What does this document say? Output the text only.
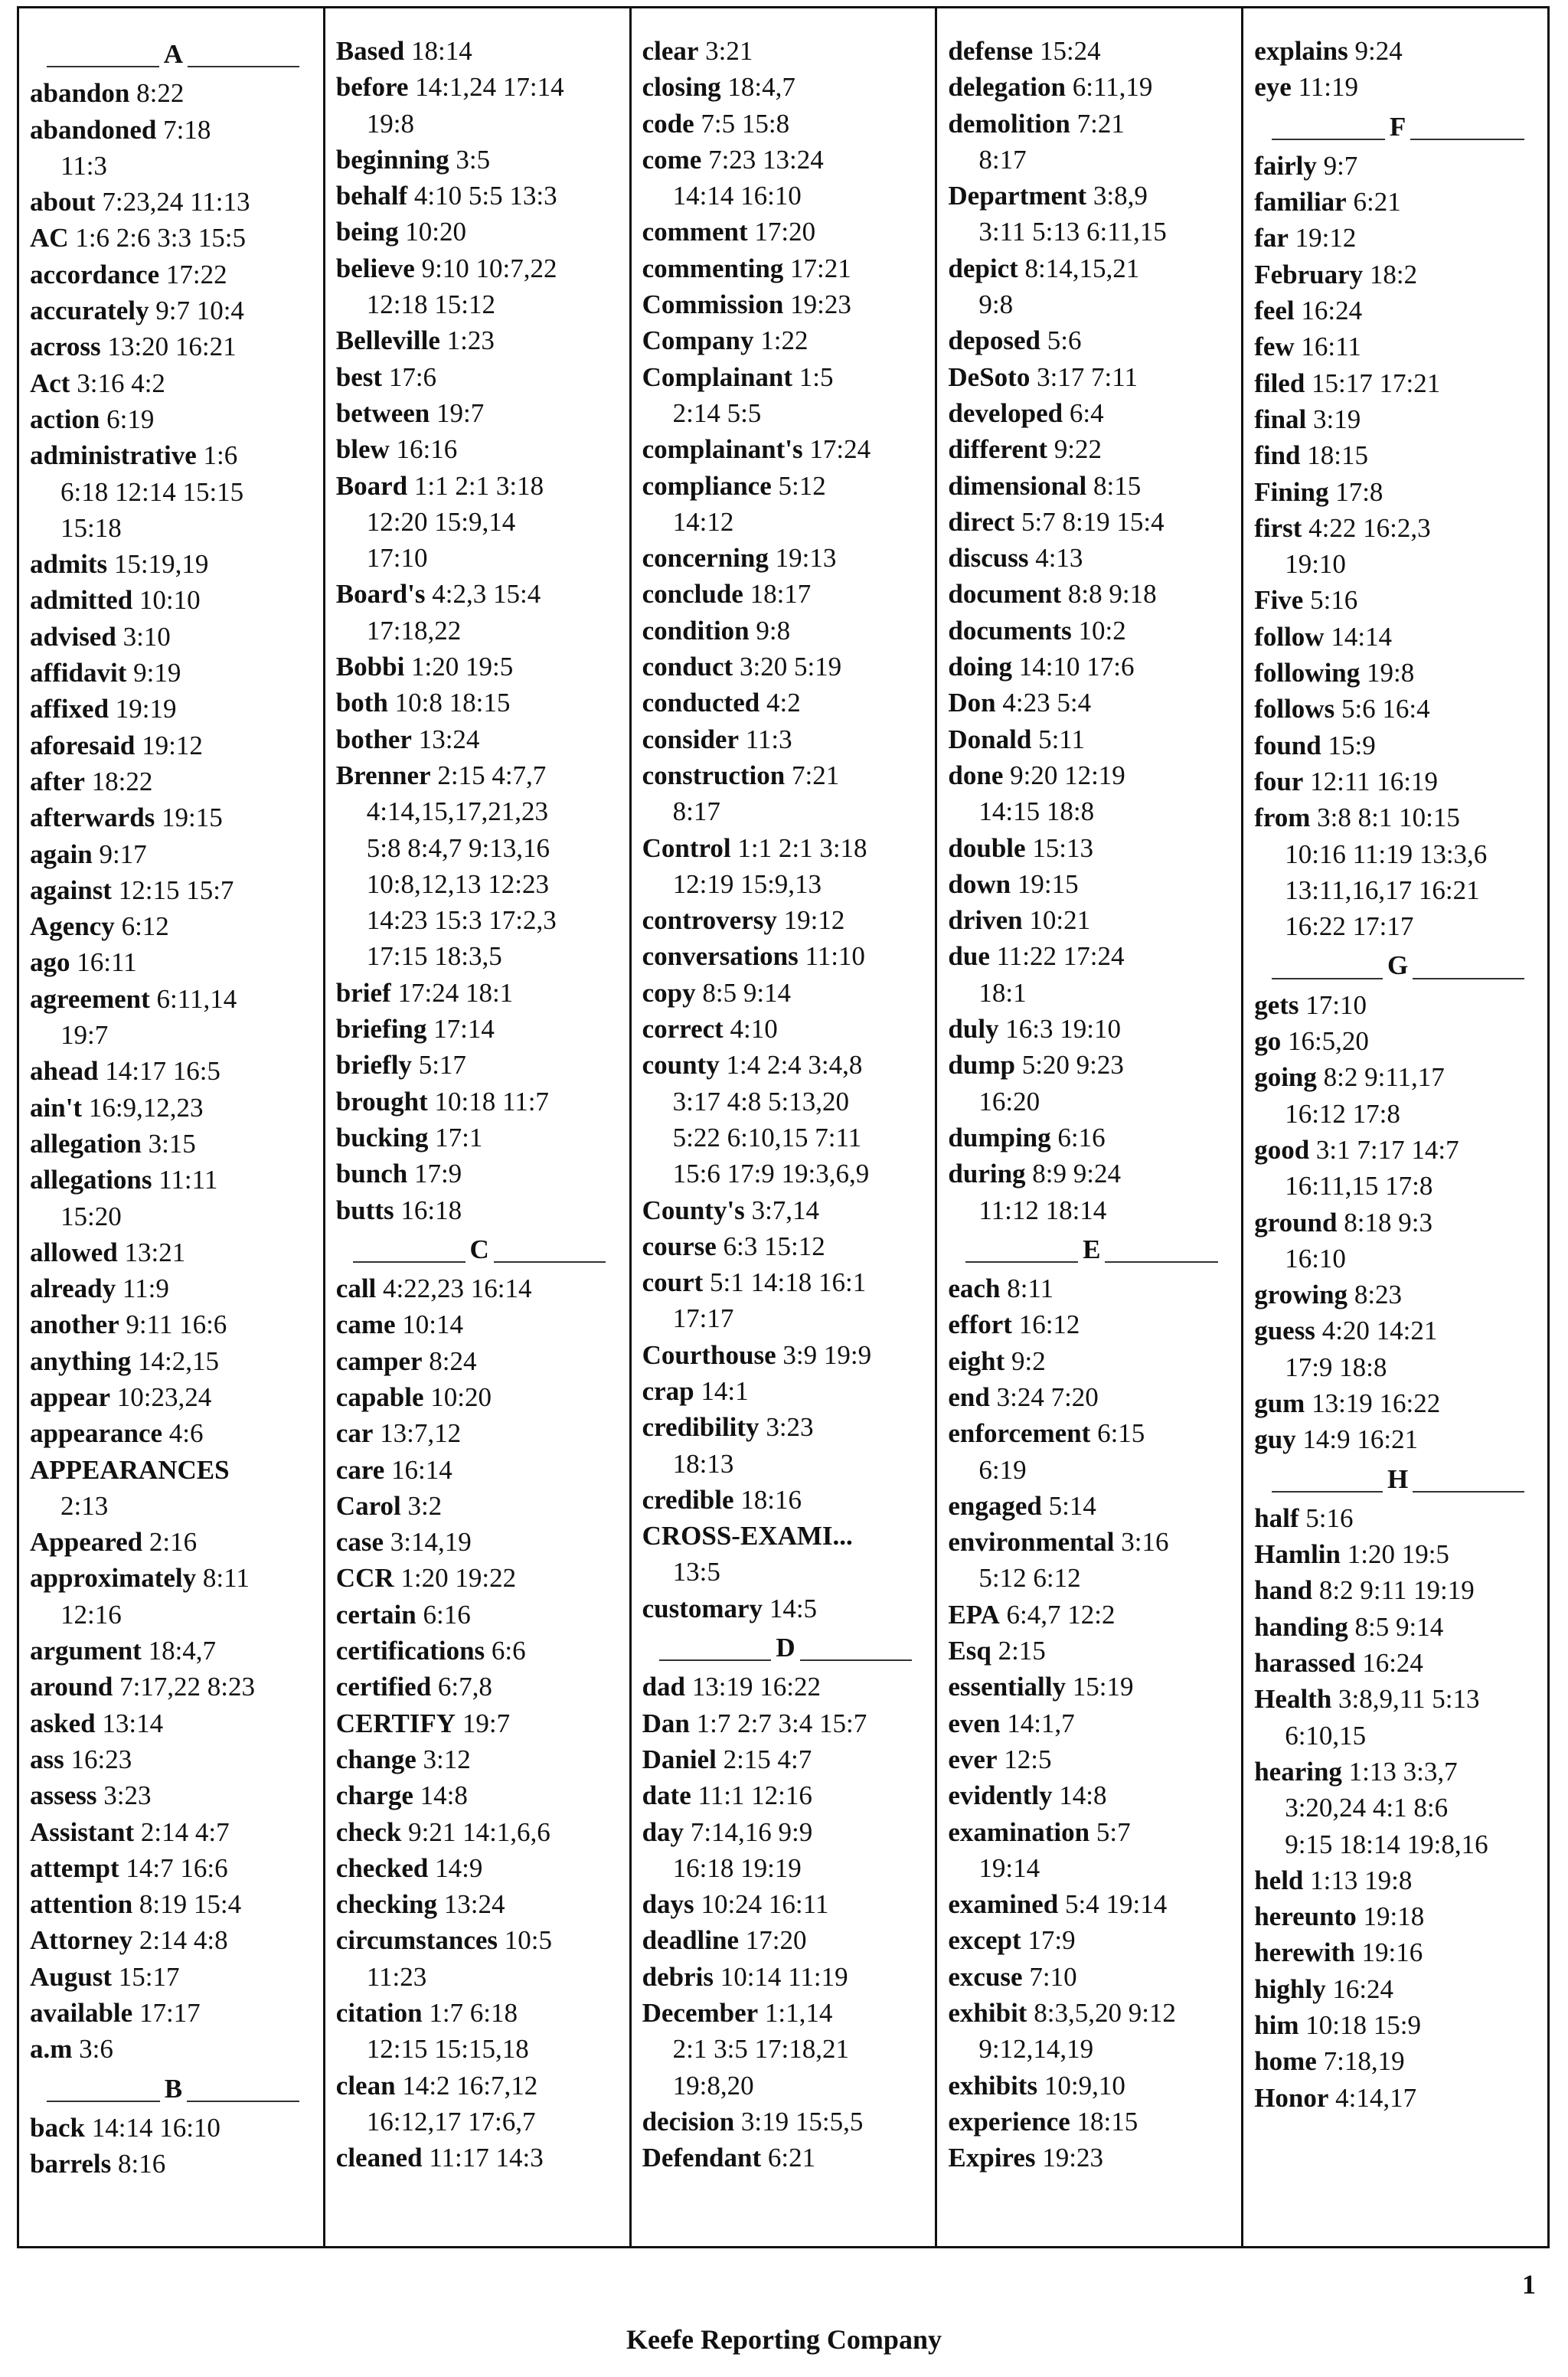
A
abandon 8:22
abandoned 7:18
11:3
about 7:23,24 11:13
AC 1:6 2:6 3:3 15:5
accordance 17:22
accurately 9:7 10:4
across 13:20 16:21
Act 3:16 4:2
action 6:19
administrative 1:6
6:18 12:14 15:15
15:18
admits 15:19,19
admitted 10:10
advised 3:10
affidavit 9:19
affixed 19:19
aforesaid 19:12
after 18:22
afterwards 19:15
again 9:17
against 12:15 15:7
Agency 6:12
ago 16:11
agreement 6:11,14
19:7
ahead 14:17 16:5
ain't 16:9,12,23
allegation 3:15
allegations 11:11
15:20
allowed 13:21
already 11:9
another 9:11 16:6
anything 14:2,15
appear 10:23,24
appearance 4:6
APPEARANCES
2:13
Appeared 2:16
approximately 8:11
12:16
argument 18:4,7
around 7:17,22 8:23
asked 13:14
ass 16:23
assess 3:23
Assistant 2:14 4:7
attempt 14:7 16:6
attention 8:19 15:4
Attorney 2:14 4:8
August 15:17
available 17:17
a.m 3:6
B
back 14:14 16:10
barrels 8:16
Based 18:14
before 14:1,24 17:14
19:8
beginning 3:5
behalf 4:10 5:5 13:3
being 10:20
believe 9:10 10:7,22
12:18 15:12
Belleville 1:23
best 17:6
between 19:7
blew 16:16
Board 1:1 2:1 3:18
12:20 15:9,14
17:10
Board's 4:2,3 15:4
17:18,22
Bobbi 1:20 19:5
both 10:8 18:15
bother 13:24
Brenner 2:15 4:7,7
4:14,15,17,21,23
5:8 8:4,7 9:13,16
10:8,12,13 12:23
14:23 15:3 17:2,3
17:15 18:3,5
brief 17:24 18:1
briefing 17:14
briefly 5:17
brought 10:18 11:7
bucking 17:1
bunch 17:9
butts 16:18
C
call 4:22,23 16:14
came 10:14
camper 8:24
capable 10:20
car 13:7,12
care 16:14
Carol 3:2
case 3:14,19
CCR 1:20 19:22
certain 6:16
certifications 6:6
certified 6:7,8
CERTIFY 19:7
change 3:12
charge 14:8
check 9:21 14:1,6,6
checked 14:9
checking 13:24
circumstances 10:5
11:23
citation 1:7 6:18
12:15 15:15,18
clean 14:2 16:7,12
16:12,17 17:6,7
cleaned 11:17 14:3
clear 3:21
closing 18:4,7
code 7:5 15:8
come 7:23 13:24
14:14 16:10
comment 17:20
commenting 17:21
Commission 19:23
Company 1:22
Complainant 1:5
2:14 5:5
complainant's 17:24
compliance 5:12
14:12
concerning 19:13
conclude 18:17
condition 9:8
conduct 3:20 5:19
conducted 4:2
consider 11:3
construction 7:21
8:17
Control 1:1 2:1 3:18
12:19 15:9,13
controversy 19:12
conversations 11:10
copy 8:5 9:14
correct 4:10
county 1:4 2:4 3:4,8
3:17 4:8 5:13,20
5:22 6:10,15 7:11
15:6 17:9 19:3,6,9
County's 3:7,14
course 6:3 15:12
court 5:1 14:18 16:1
17:17
Courthouse 3:9 19:9
crap 14:1
credibility 3:23
18:13
credible 18:16
CROSS-EXAMI...
13:5
customary 14:5
D
dad 13:19 16:22
Dan 1:7 2:7 3:4 15:7
Daniel 2:15 4:7
date 11:1 12:16
day 7:14,16 9:9
16:18 19:19
days 10:24 16:11
deadline 17:20
debris 10:14 11:19
December 1:1,14
2:1 3:5 17:18,21
19:8,20
decision 3:19 15:5,5
Defendant 6:21
defense 15:24
delegation 6:11,19
demolition 7:21
8:17
Department 3:8,9
3:11 5:13 6:11,15
depict 8:14,15,21
9:8
deposed 5:6
DeSoto 3:17 7:11
developed 6:4
different 9:22
dimensional 8:15
direct 5:7 8:19 15:4
discuss 4:13
document 8:8 9:18
documents 10:2
doing 14:10 17:6
Don 4:23 5:4
Donald 5:11
done 9:20 12:19
14:15 18:8
double 15:13
down 19:15
driven 10:21
due 11:22 17:24
18:1
duly 16:3 19:10
dump 5:20 9:23
16:20
dumping 6:16
during 8:9 9:24
11:12 18:14
E
each 8:11
effort 16:12
eight 9:2
end 3:24 7:20
enforcement 6:15
6:19
engaged 5:14
environmental 3:16
5:12 6:12
EPA 6:4,7 12:2
Esq 2:15
essentially 15:19
even 14:1,7
ever 12:5
evidently 14:8
examination 5:7
19:14
examined 5:4 19:14
except 17:9
excuse 7:10
exhibit 8:3,5,20 9:12
9:12,14,19
exhibits 10:9,10
experience 18:15
Expires 19:23
explains 9:24
eye 11:19
F
fairly 9:7
familiar 6:21
far 19:12
February 18:2
feel 16:24
few 16:11
filed 15:17 17:21
final 3:19
find 18:15
Fining 17:8
first 4:22 16:2,3
19:10
Five 5:16
follow 14:14
following 19:8
follows 5:6 16:4
found 15:9
four 12:11 16:19
from 3:8 8:1 10:15
10:16 11:19 13:3,6
13:11,16,17 16:21
16:22 17:17
G
gets 17:10
go 16:5,20
going 8:2 9:11,17
16:12 17:8
good 3:1 7:17 14:7
16:11,15 17:8
ground 8:18 9:3
16:10
growing 8:23
guess 4:20 14:21
17:9 18:8
gum 13:19 16:22
guy 14:9 16:21
H
half 5:16
Hamlin 1:20 19:5
hand 8:2 9:11 19:19
handing 8:5 9:14
harassed 16:24
Health 3:8,9,11 5:13
6:10,15
hearing 1:13 3:3,7
3:20,24 4:1 8:6
9:15 18:14 19:8,16
held 1:13 19:8
hereunto 19:18
herewith 19:16
highly 16:24
him 10:18 15:9
home 7:18,19
Honor 4:14,17
1
Keefe Reporting Company
